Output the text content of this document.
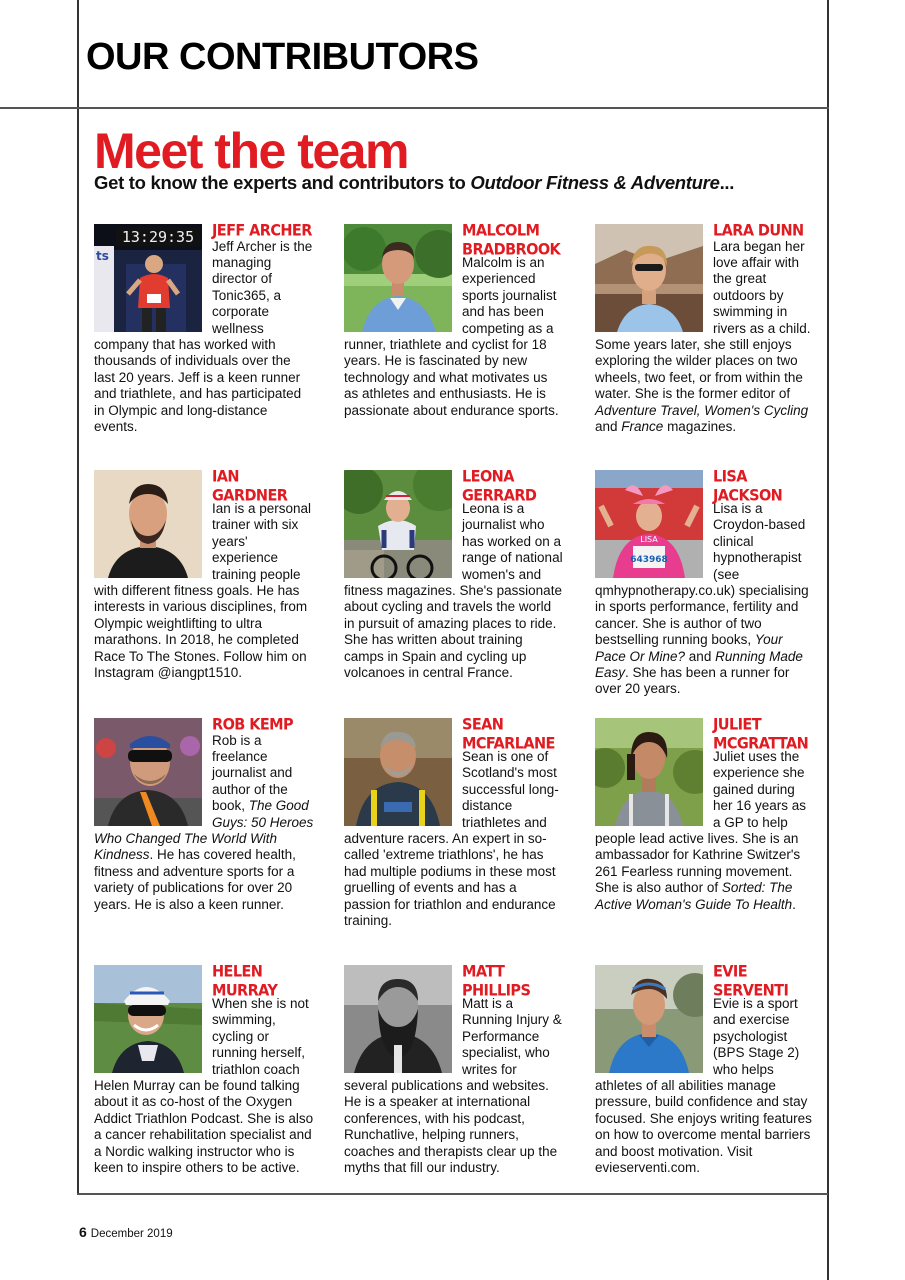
OUR CONTRIBUTORS
Meet the team
Get to know the experts and contributors to Outdoor Fitness & Adventure...
13:29:35
ts
JEFF ARCHER

Jeff Archer is the managing director of Tonic365, a corporate wellness company that has worked with thousands of individuals over the last 20 years. Jeff is a keen runner and triathlete, and has participated in Olympic and long-distance events.

MALCOLM BRADBROOK

Malcolm is an experienced sports journalist and has been competing as a runner, triathlete and cyclist for 18 years. He is fascinated by new technology and what motivates us as athletes and enthusiasts. He is passionate about endurance sports.

LARA DUNN

Lara began her love affair with the great outdoors by swimming in rivers as a child. Some years later, she still enjoys exploring the wilder places on two wheels, two feet, or from within the water. She is the former editor of Adventure Travel, Women's Cycling and France magazines.

IAN GARDNER

Ian is a personal trainer with six years' experience training people with different fitness goals. He has interests in various disciplines, from Olympic weightlifting to ultra marathons. In 2018, he completed Race To The Stones. Follow him on Instagram @iangpt1510.

LEONA GERRARD

Leona is a journalist who has worked on a range of national women's and fitness magazines. She's passionate about cycling and travels the world in pursuit of amazing places to ride. She has written about training camps in Spain and cycling up volcanoes in central France.

643968
LISA
LISA JACKSON

Lisa is a Croydon-based clinical hypnotherapist (see qmhypnotherapy.co.uk) specialising in sports performance, fertility and cancer. She is author of two bestselling running books, Your Pace Or Mine? and Running Made Easy. She has been a runner for over 20 years.

ROB KEMP

Rob is a freelance journalist and author of the book, The Good Guys: 50 Heroes Who Changed The World With Kindness. He has covered health, fitness and adventure sports for a variety of publications for over 20 years. He is also a keen runner.

SEAN MCFARLANE

Sean is one of Scotland's most successful long-distance triathletes and adventure racers. An expert in so-called 'extreme triathlons', he has had multiple podiums in these most gruelling of events and has a passion for triathlon and endurance training.

JULIET MCGRATTAN

Juliet uses the experience she gained during her 16 years as a GP to help people lead active lives. She is an ambassador for Kathrine Switzer's 261 Fearless running movement. She is also author of Sorted: The Active Woman's Guide To Health.

HELEN MURRAY

When she is not swimming, cycling or running herself, triathlon coach Helen Murray can be found talking about it as co-host of the Oxygen Addict Triathlon Podcast. She is also a cancer rehabilitation specialist and a Nordic walking instructor who is keen to inspire others to be active.

MATT PHILLIPS

Matt is a Running Injury & Performance specialist, who writes for several publications and websites. He is a speaker at international conferences, with his podcast, Runchatlive, helping runners, coaches and therapists clear up the myths that fill our industry.

EVIE SERVENTI

Evie is a sport and exercise psychologist (BPS Stage 2) who helps athletes of all abilities manage pressure, build confidence and stay focused. She enjoys writing features on how to overcome mental barriers and boost motivation. Visit evieserventi.com.

6 December 2019
